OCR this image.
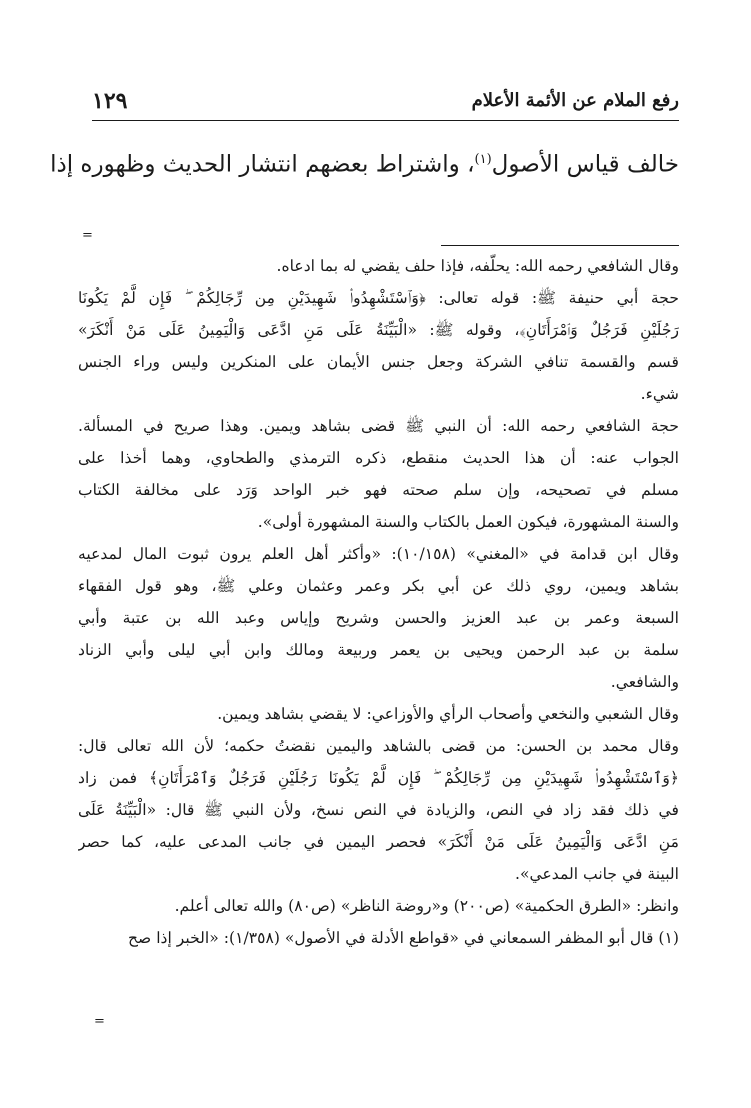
رفع الملام عن الأئمة الأعلام
١٢٩
خالف قياس الأصول$^{(١)}$، واشتراط بعضهم انتشار الحديث وظهوره إذا
=
وقال الشافعي رحمه الله: يحلّفه، فإذا حلف يقضي له بما ادعاه.
حجة أبي حنيفة ﷺ: قوله تعالى: ﴿وَٱسْتَشْهِدُوا۟ شَهِيدَيْنِ مِن رِّجَالِكُمْ ۖ فَإِن لَّمْ يَكُونَا
رَجُلَيْنِ فَرَجُلٌ وَٱمْرَأَتَانِ﴾، وقوله ﷺ: «الْبَيِّنَةُ عَلَى مَنِ ادَّعَى وَالْيَمِينُ عَلَى مَنْ أَنْكَرَ»
قسم والقسمة تنافي الشركة وجعل جنس الأيمان على المنكرين وليس وراء الجنس
شيء.
حجة الشافعي رحمه الله: أن النبي ﷺ قضى بشاهد ويمين. وهذا صريح في المسألة.
الجواب عنه: أن هذا الحديث منقطع، ذكره الترمذي والطحاوي، وهما أخذا على
مسلم في تصحيحه، وإن سلم صحته فهو خبر الواحد وَرَد على مخالفة الكتاب
والسنة المشهورة، فيكون العمل بالكتاب والسنة المشهورة أولى».
وقال ابن قدامة في «المغني» (١٠/١٥٨): «وأكثر أهل العلم يرون ثبوت المال لمدعيه
بشاهد ويمين، روي ذلك عن أبي بكر وعمر وعثمان وعلي ﷺ، وهو قول الفقهاء
السبعة وعمر بن عبد العزيز والحسن وشريح وإياس وعبد الله بن عتبة وأبي
سلمة بن عبد الرحمن ويحيى بن يعمر وربيعة ومالك وابن أبي ليلى وأبي الزناد
والشافعي.
وقال الشعبي والنخعي وأصحاب الرأي والأوزاعي: لا يقضي بشاهد ويمين.
وقال محمد بن الحسن: من قضى بالشاهد واليمين نقضتُ حكمه؛ لأن الله تعالى قال:
﴿وَٱسْتَشْهِدُوا۟ شَهِيدَيْنِ مِن رِّجَالِكُمْ ۖ فَإِن لَّمْ يَكُونَا رَجُلَيْنِ فَرَجُلٌ وَٱمْرَأَتَانِ﴾ فمن زاد
في ذلك فقد زاد في النص، والزيادة في النص نسخ، ولأن النبي ﷺ قال: «الْبَيِّنَةُ عَلَى
مَنِ ادَّعَى وَالْيَمِينُ عَلَى مَنْ أَنْكَرَ» فحصر اليمين في جانب المدعى عليه، كما حصر
البينة في جانب المدعي».
وانظر: «الطرق الحكمية» (ص٢٠٠) و«روضة الناظر» (ص٨٠) والله تعالى أعلم.
(١) قال أبو المظفر السمعاني في «قواطع الأدلة في الأصول» (١/٣٥٨): «الخبر إذا صح
=
